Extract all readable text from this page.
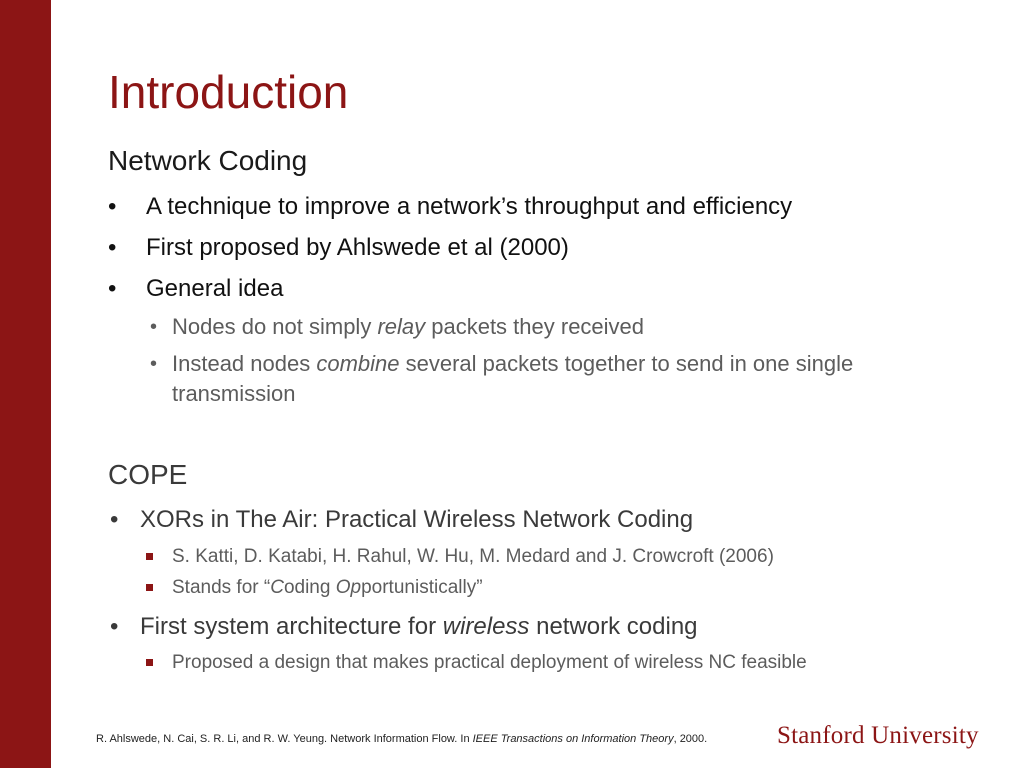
Introduction
Network Coding
• A technique to improve a network’s throughput and efficiency
• First proposed by Ahlswede et al (2000)
• General idea
• Nodes do not simply relay packets they received
• Instead nodes combine several packets together to send in one single
transmission
COPE
• XORs in The Air: Practical Wireless Network Coding
S. Katti, D. Katabi, H. Rahul, W. Hu, M. Medard and J. Crowcroft (2006)
Stands for “Coding Opportunistically”
• First system architecture for wireless network coding
Proposed a design that makes practical deployment of wireless NC feasible
R. Ahlswede, N. Cai, S. R. Li, and R. W. Yeung. Network Information Flow. In IEEE Transactions on Information Theory, 2000.	Stanford University
